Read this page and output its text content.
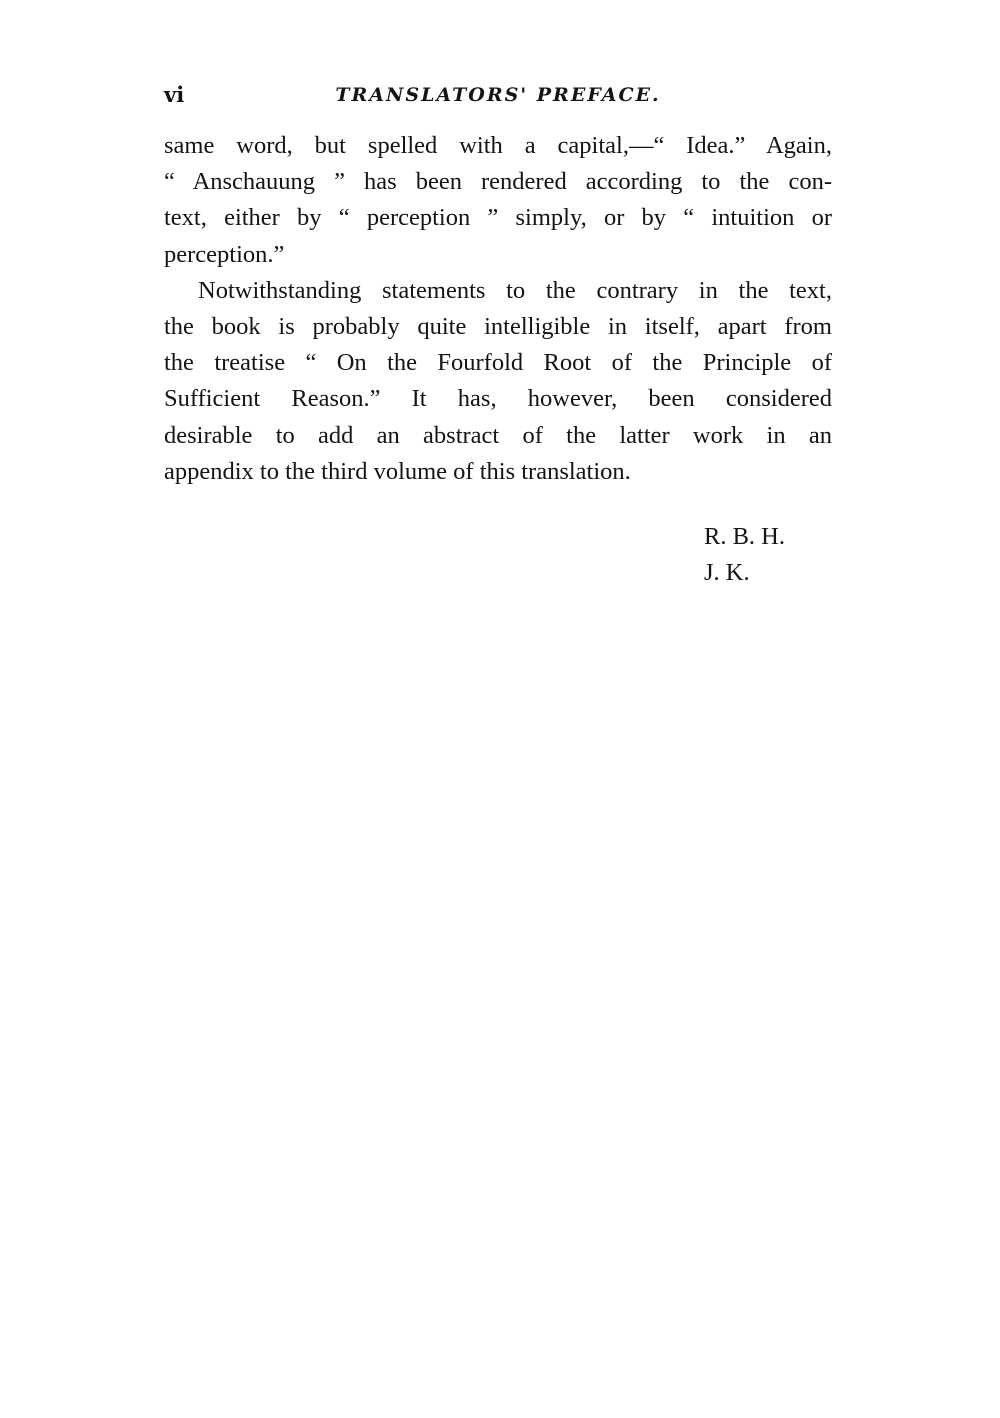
vi	TRANSLATORS' PREFACE.
same word, but spelled with a capital,—“ Idea.” Again,
“ Anschauung ” has been rendered according to the con-
text, either by “ perception ” simply, or by “ intuition or
perception.”
Notwithstanding statements to the contrary in the text,
the book is probably quite intelligible in itself, apart from
the treatise “ On the Fourfold Root of the Principle of
Sufficient Reason.” It has, however, been considered
desirable to add an abstract of the latter work in an
appendix to the third volume of this translation.
R. B. H.
J. K.
